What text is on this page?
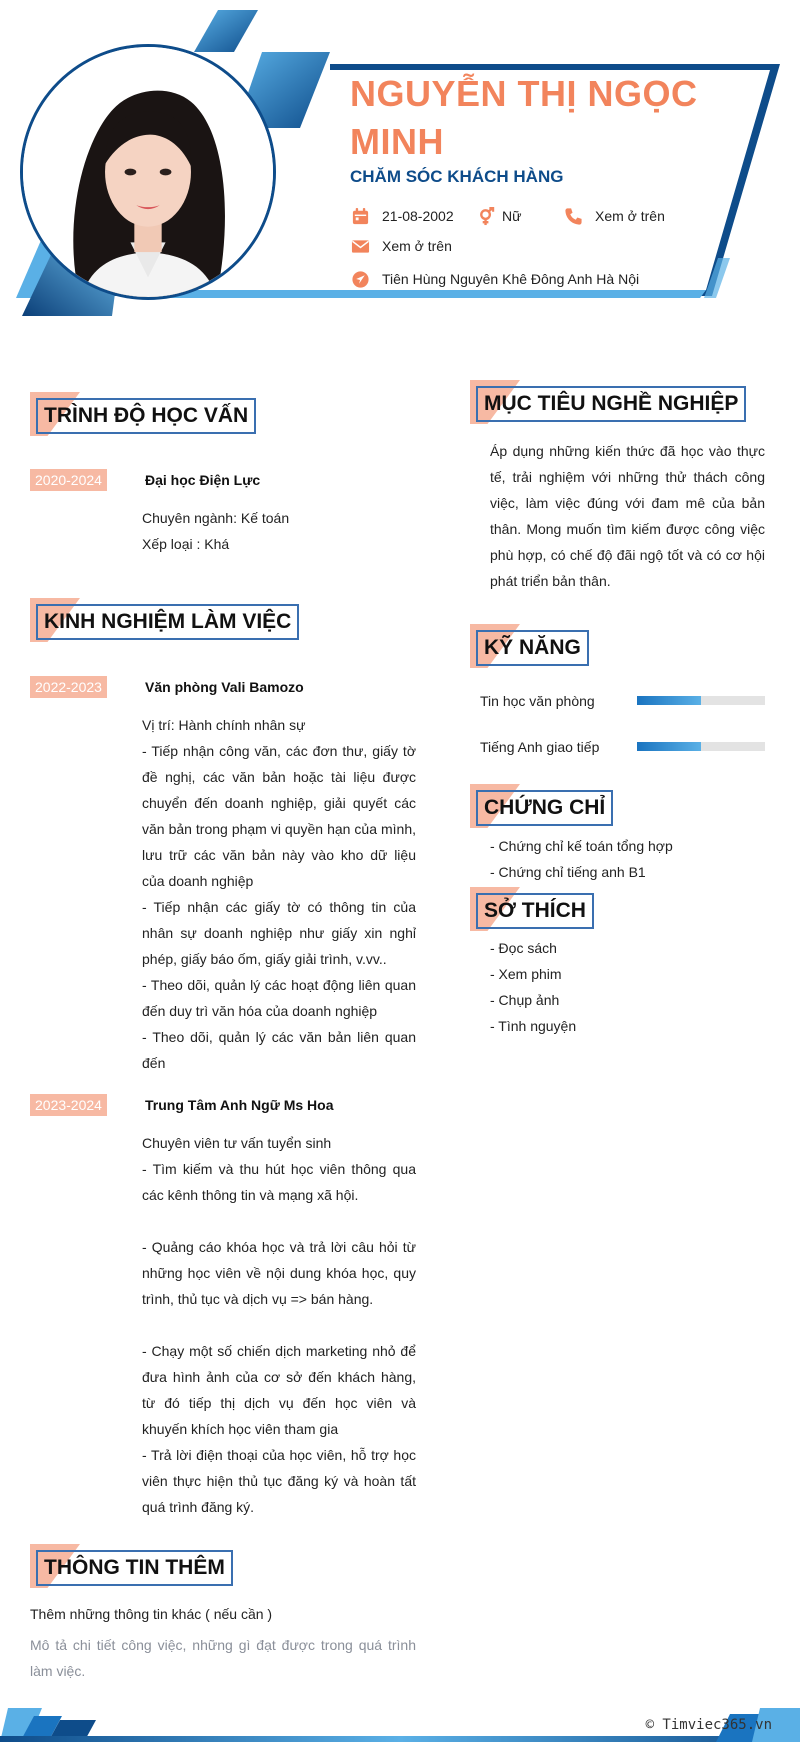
NGUYỄN THỊ NGỌC MINH
CHĂM SÓC KHÁCH HÀNG
21-08-2002	Nữ	Xem ở trên
Xem ở trên
Tiên Hùng Nguyên Khê Đông Anh Hà Nội
TRÌNH ĐỘ HỌC VẤN
2020-2024	Đại học Điện Lực
Chuyên ngành: Kế toán
Xếp loại : Khá
KINH NGHIỆM LÀM VIỆC
2022-2023	Văn phòng Vali Bamozo
Vị trí: Hành chính nhân sự
- Tiếp nhận công văn, các đơn thư, giấy tờ đề nghị, các văn bản hoặc tài liệu được chuyển đến doanh nghiệp, giải quyết các văn bản trong phạm vi quyền hạn của mình, lưu trữ các văn bản này vào kho dữ liệu của doanh nghiệp
- Tiếp nhận các giấy tờ có thông tin của nhân sự doanh nghiệp như giấy xin nghỉ phép, giấy báo ốm, giấy giải trình, v.vv..
- Theo dõi, quản lý các hoạt động liên quan đến duy trì văn hóa của doanh nghiệp
- Theo dõi, quản lý các văn bản liên quan đến
2023-2024	Trung Tâm Anh Ngữ Ms Hoa
Chuyên viên tư vấn tuyển sinh
- Tìm kiếm và thu hút học viên thông qua các kênh thông tin và mạng xã hội.
- Quảng cáo khóa học và trả lời câu hỏi từ những học viên về nội dung khóa học, quy trình, thủ tục và dịch vụ => bán hàng.
- Chạy một số chiến dịch marketing nhỏ để đưa hình ảnh của cơ sở đến khách hàng, từ đó tiếp thị dịch vụ đến học viên và khuyến khích học viên tham gia
- Trả lời điện thoại của học viên, hỗ trợ học viên thực hiện thủ tục đăng ký và hoàn tất quá trình đăng ký.
THÔNG TIN THÊM
Thêm những thông tin khác ( nếu cần )
Mô tả chi tiết công việc, những gì đạt được trong quá trình làm việc.
MỤC TIÊU NGHỀ NGHIỆP
Áp dụng những kiến thức đã học vào thực tế, trải nghiệm với những thử thách công việc, làm việc đúng với đam mê của bản thân. Mong muốn tìm kiếm được công việc phù hợp, có chế độ đãi ngộ tốt và có cơ hội phát triển bản thân.
KỸ NĂNG
Tin học văn phòng
Tiếng Anh giao tiếp
CHỨNG CHỈ
- Chứng chỉ kế toán tổng hợp
- Chứng chỉ tiếng anh B1
SỞ THÍCH
- Đọc sách
- Xem phim
- Chụp ảnh
- Tình nguyện
© Timviec365.vn
